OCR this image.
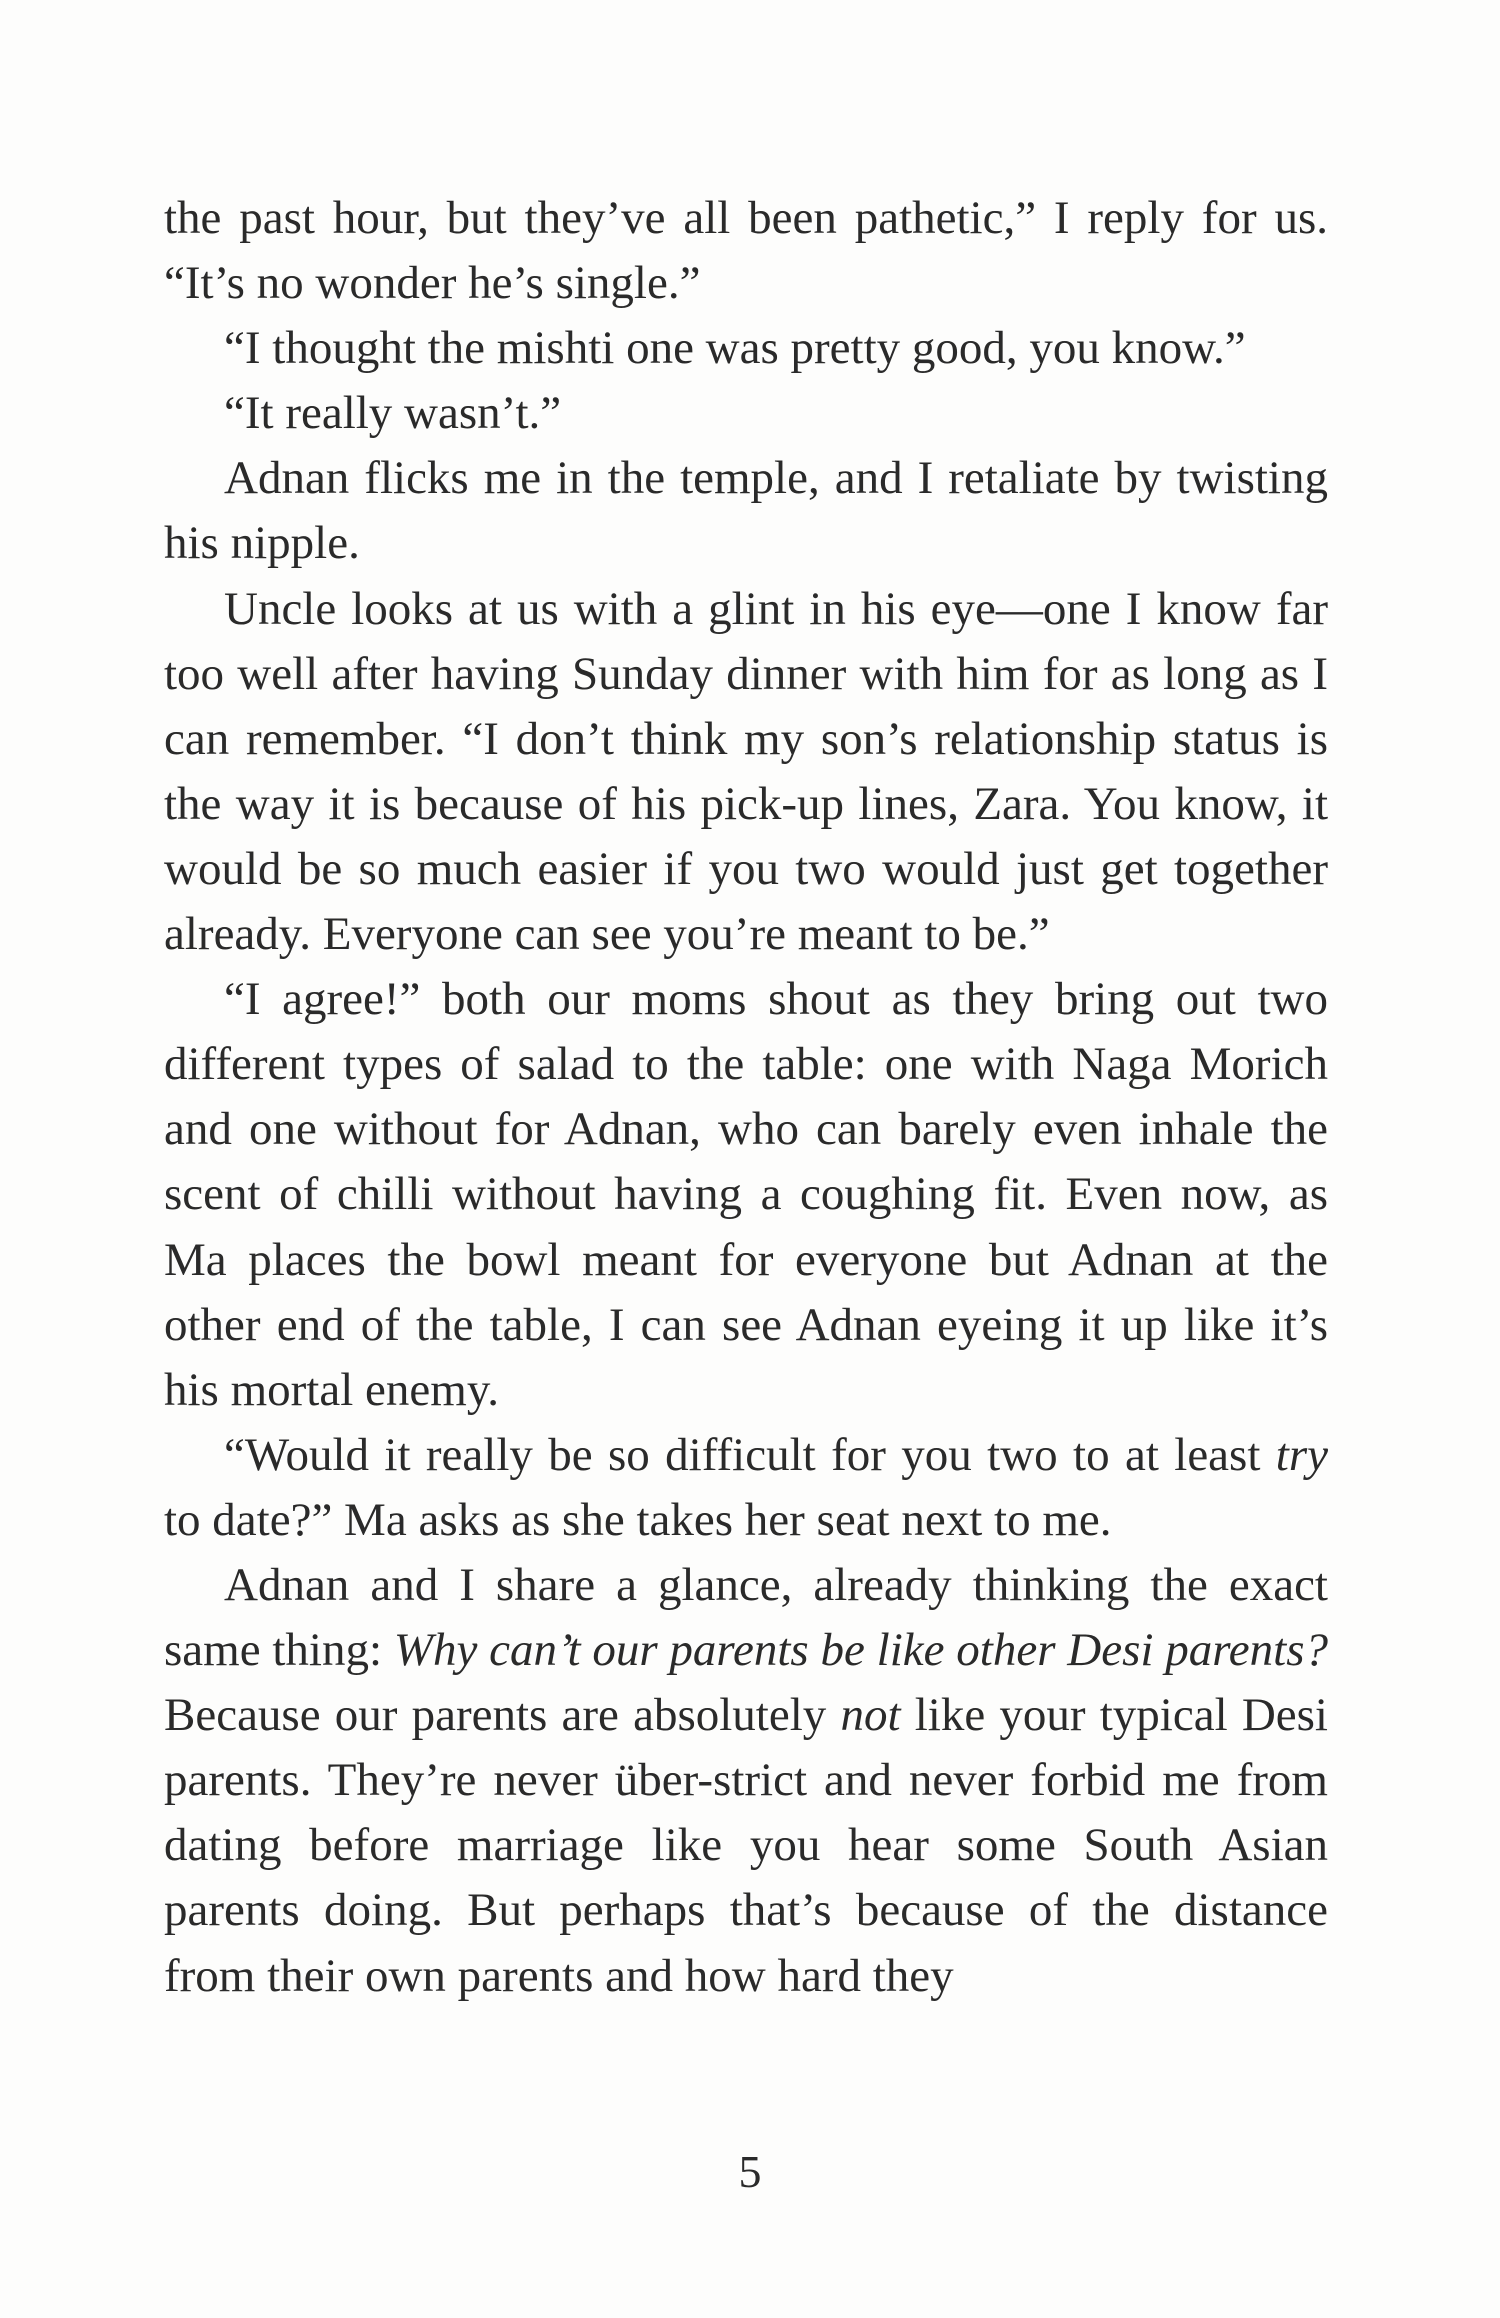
the past hour, but they’ve all been pathetic,” I reply for us. “It’s no wonder he’s single.”

“I thought the mishti one was pretty good, you know.”

“It really wasn’t.”

Adnan flicks me in the temple, and I retaliate by twisting his nipple.

Uncle looks at us with a glint in his eye—one I know far too well after having Sunday dinner with him for as long as I can remember. “I don’t think my son’s relationship status is the way it is because of his pick-up lines, Zara. You know, it would be so much easier if you two would just get together already. Everyone can see you’re meant to be.”

“I agree!” both our moms shout as they bring out two different types of salad to the table: one with Naga Morich and one without for Adnan, who can barely even inhale the scent of chilli without having a coughing fit. Even now, as Ma places the bowl meant for everyone but Adnan at the other end of the table, I can see Adnan eyeing it up like it’s his mortal enemy.

“Would it really be so difficult for you two to at least try to date?” Ma asks as she takes her seat next to me.

Adnan and I share a glance, already thinking the exact same thing: Why can’t our parents be like other Desi parents? Because our parents are absolutely not like your typical Desi parents. They’re never über-strict and never forbid me from dating before marriage like you hear some South Asian parents doing. But perhaps that’s because of the distance from their own parents and how hard they

5
